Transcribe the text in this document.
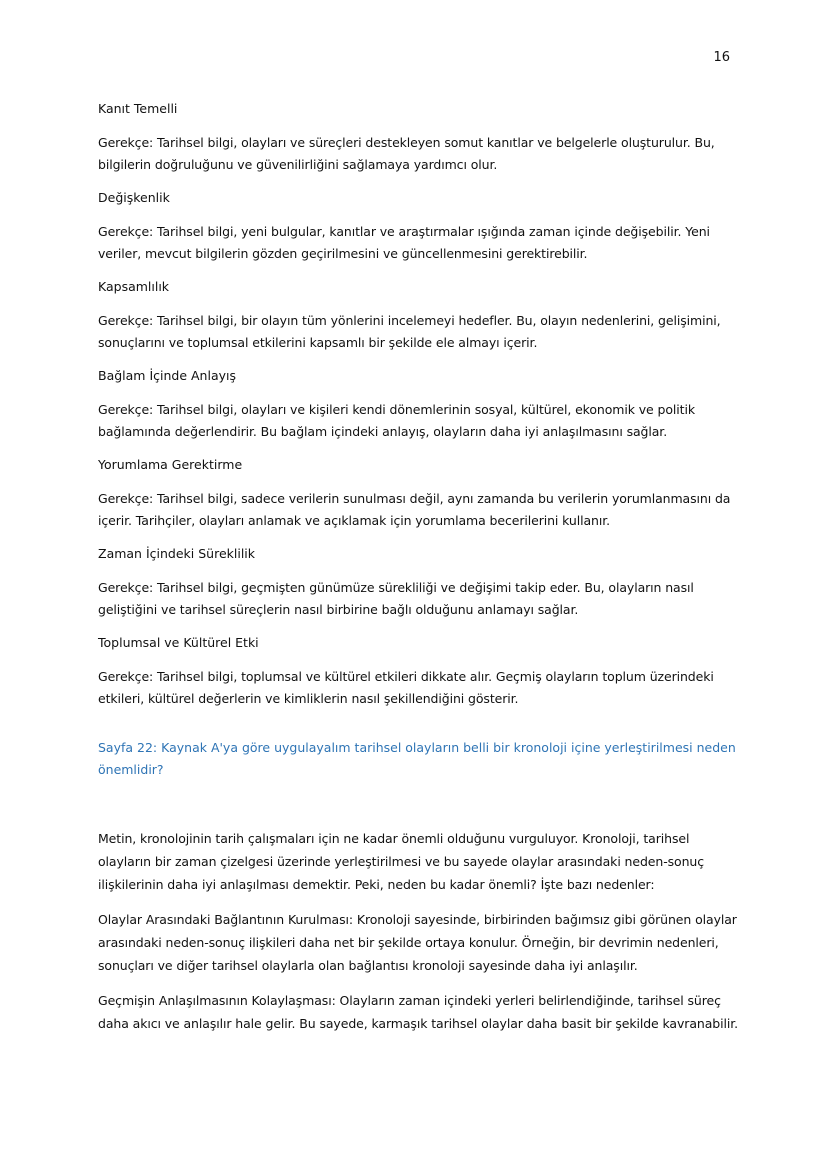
16

Kanıt Temelli

Gerekçe: Tarihsel bilgi, olayları ve süreçleri destekleyen somut kanıtlar ve belgelerle oluşturulur. Bu, bilgilerin doğruluğunu ve güvenilirliğini sağlamaya yardımcı olur.

Değişkenlik

Gerekçe: Tarihsel bilgi, yeni bulgular, kanıtlar ve araştırmalar ışığında zaman içinde değişebilir. Yeni veriler, mevcut bilgilerin gözden geçirilmesini ve güncellenmesini gerektirebilir.

Kapsamlılık

Gerekçe: Tarihsel bilgi, bir olayın tüm yönlerini incelemeyi hedefler. Bu, olayın nedenlerini, gelişimini, sonuçlarını ve toplumsal etkilerini kapsamlı bir şekilde ele almayı içerir.

Bağlam İçinde Anlayış

Gerekçe: Tarihsel bilgi, olayları ve kişileri kendi dönemlerinin sosyal, kültürel, ekonomik ve politik bağlamında değerlendirir. Bu bağlam içindeki anlayış, olayların daha iyi anlaşılmasını sağlar.

Yorumlama Gerektirme

Gerekçe: Tarihsel bilgi, sadece verilerin sunulması değil, aynı zamanda bu verilerin yorumlanmasını da içerir. Tarihçiler, olayları anlamak ve açıklamak için yorumlama becerilerini kullanır.

Zaman İçindeki Süreklilik

Gerekçe: Tarihsel bilgi, geçmişten günümüze sürekliliği ve değişimi takip eder. Bu, olayların nasıl geliştiğini ve tarihsel süreçlerin nasıl birbirine bağlı olduğunu anlamayı sağlar.

Toplumsal ve Kültürel Etki

Gerekçe: Tarihsel bilgi, toplumsal ve kültürel etkileri dikkate alır. Geçmiş olayların toplum üzerindeki etkileri, kültürel değerlerin ve kimliklerin nasıl şekillendiğini gösterir.

Sayfa 22: Kaynak A'ya göre uygulayalım tarihsel olayların belli bir kronoloji içine yerleştirilmesi neden önemlidir?

Metin, kronolojinin tarih çalışmaları için ne kadar önemli olduğunu vurguluyor. Kronoloji, tarihsel olayların bir zaman çizelgesi üzerinde yerleştirilmesi ve bu sayede olaylar arasındaki neden-sonuç ilişkilerinin daha iyi anlaşılması demektir. Peki, neden bu kadar önemli? İşte bazı nedenler:

Olaylar Arasındaki Bağlantının Kurulması: Kronoloji sayesinde, birbirinden bağımsız gibi görünen olaylar arasındaki neden-sonuç ilişkileri daha net bir şekilde ortaya konulur. Örneğin, bir devrimin nedenleri, sonuçları ve diğer tarihsel olaylarla olan bağlantısı kronoloji sayesinde daha iyi anlaşılır.

Geçmişin Anlaşılmasının Kolaylaşması: Olayların zaman içindeki yerleri belirlendiğinde, tarihsel süreç daha akıcı ve anlaşılır hale gelir. Bu sayede, karmaşık tarihsel olaylar daha basit bir şekilde kavranabilir.
